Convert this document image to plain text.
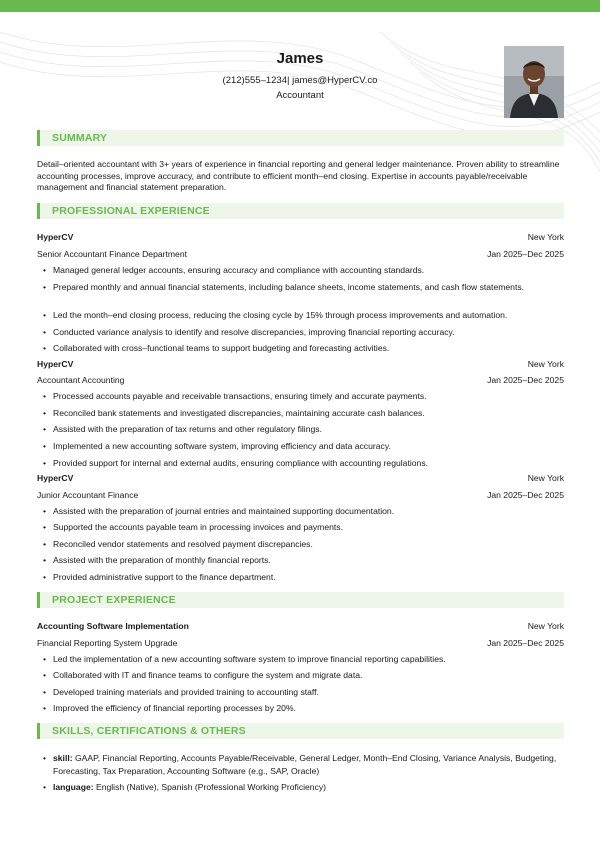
James
(212)555–1234| james@HyperCV.co
Accountant
SUMMARY
Detail–oriented accountant with 3+ years of experience in financial reporting and general ledger maintenance. Proven ability to streamline accounting processes, improve accuracy, and contribute to efficient month–end closing. Expertise in accounts payable/receivable management and financial statement preparation.
PROFESSIONAL EXPERIENCE
HyperCV	New York
Senior Accountant Finance Department	Jan 2025–Dec 2025
• Managed general ledger accounts, ensuring accuracy and compliance with accounting standards.
• Prepared monthly and annual financial statements, including balance sheets, income statements, and cash flow statements.
• Led the month–end closing process, reducing the closing cycle by 15% through process improvements and automation.
• Conducted variance analysis to identify and resolve discrepancies, improving financial reporting accuracy.
• Collaborated with cross–functional teams to support budgeting and forecasting activities.
HyperCV	New York
Accountant Accounting	Jan 2025–Dec 2025
• Processed accounts payable and receivable transactions, ensuring timely and accurate payments.
• Reconciled bank statements and investigated discrepancies, maintaining accurate cash balances.
• Assisted with the preparation of tax returns and other regulatory filings.
• Implemented a new accounting software system, improving efficiency and data accuracy.
• Provided support for internal and external audits, ensuring compliance with accounting regulations.
HyperCV	New York
Junior Accountant Finance	Jan 2025–Dec 2025
• Assisted with the preparation of journal entries and maintained supporting documentation.
• Supported the accounts payable team in processing invoices and payments.
• Reconciled vendor statements and resolved payment discrepancies.
• Assisted with the preparation of monthly financial reports.
• Provided administrative support to the finance department.
PROJECT EXPERIENCE
Accounting Software Implementation	New York
Financial Reporting System Upgrade	Jan 2025–Dec 2025
• Led the implementation of a new accounting software system to improve financial reporting capabilities.
• Collaborated with IT and finance teams to configure the system and migrate data.
• Developed training materials and provided training to accounting staff.
• Improved the efficiency of financial reporting processes by 20%.
SKILLS, CERTIFICATIONS & OTHERS
• skill: GAAP, Financial Reporting, Accounts Payable/Receivable, General Ledger, Month–End Closing, Variance Analysis, Budgeting, Forecasting, Tax Preparation, Accounting Software (e.g., SAP, Oracle)
• language: English (Native), Spanish (Professional Working Proficiency)
